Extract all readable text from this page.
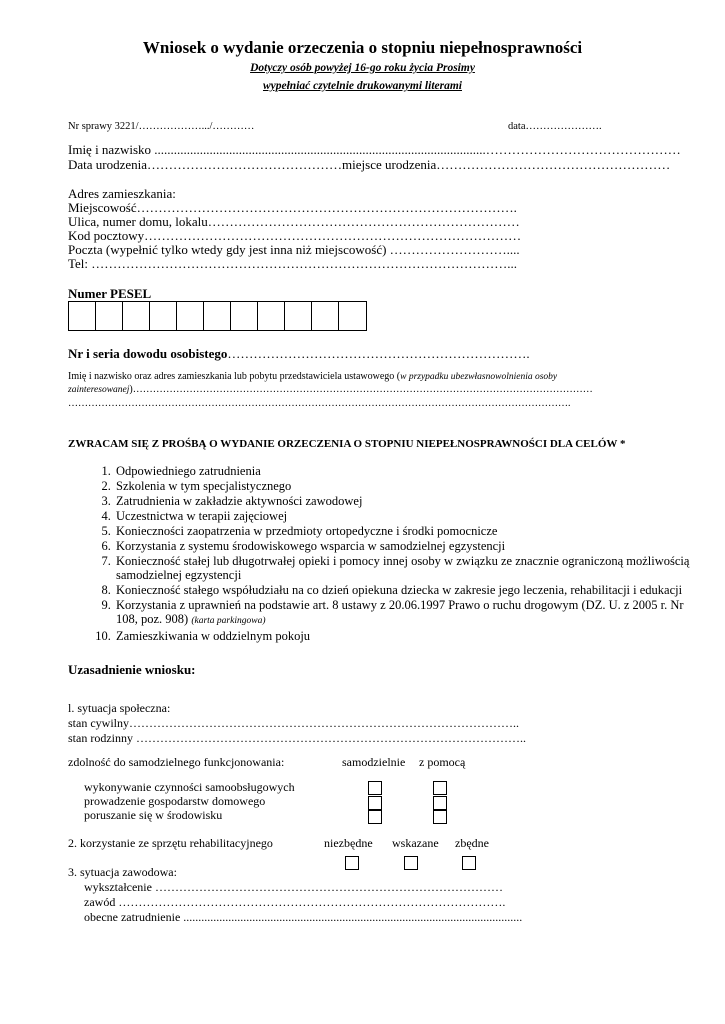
Wniosek o wydanie orzeczenia o stopniu niepełnosprawności
Dotyczy osób powyżej 16-go roku życia Prosimy
wypełniać czytelnie drukowanymi literami
Nr sprawy 3221/……………….../…………	data………………….
Imię i nazwisko ......................................................................................................………………………………………
Data urodzenia………………………………………miejsce urodzenia………………………………………………
Adres zamieszkania:
Miejscowość…………………………………………………………………………….
Ulica, numer domu, lokalu………………………………………………………………
Kod pocztowy……………………………………………………………………………
Poczta (wypełnić tylko wtedy gdy jest inna niż miejscowość) ………………………....
Tel: ……………………………………………………………………………………...
Numer PESEL
Nr i seria dowodu osobistego…………………………………………………………….
Imię i nazwisko oraz adres zamieszkania lub pobytu przedstawiciela ustawowego (w przypadku ubezwłasnowolnienia osoby
zainteresowanej)…………………………………………………………………………………………………………………………
…………………………………………………………………………………………………………………………………….
ZWRACAM SIĘ Z PROŚBĄ O WYDANIE ORZECZENIA O STOPNIU NIEPEŁNOSPRAWNOŚCI DLA CELÓW *
1. Odpowiedniego zatrudnienia
2. Szkolenia w tym specjalistycznego
3. Zatrudnienia w zakładzie aktywności zawodowej
4. Uczestnictwa w terapii zajęciowej
5. Konieczności zaopatrzenia w przedmioty ortopedyczne i środki pomocnicze
6. Korzystania z systemu środowiskowego wsparcia w samodzielnej egzystencji
7. Konieczność stałej lub długotrwałej opieki i pomocy innej osoby w związku ze znacznie ograniczoną możliwością samodzielnej egzystencji
8. Konieczność stałego współudziału na co dzień opiekuna dziecka w zakresie jego leczenia, rehabilitacji i edukacji
9. Korzystania z uprawnień na podstawie art. 8 ustawy z 20.06.1997 Prawo o ruchu drogowym (DZ. U. z 2005 r. Nr 108, poz. 908) (karta parkingowa)
10. Zamieszkiwania w oddzielnym pokoju
Uzasadnienie wniosku:
l. sytuacja społeczna:
stan cywilny……………………………………………………………………………………..
stan rodzinny ……………………………………………………………………………………..
zdolność do samodzielnego funkcjonowania:	samodzielnie z pomocą
wykonywanie czynności samoobsługowych
prowadzenie gospodarstw domowego
poruszanie się w środowisku
2. korzystanie ze sprzętu rehabilitacyjnego	niezbędne wskazane zbędne
3. sytuacja zawodowa:
wykształcenie ……………………………………………………………………………
zawód …………………………………………………………………………………….
obecne zatrudnienie .................................................................................................................
